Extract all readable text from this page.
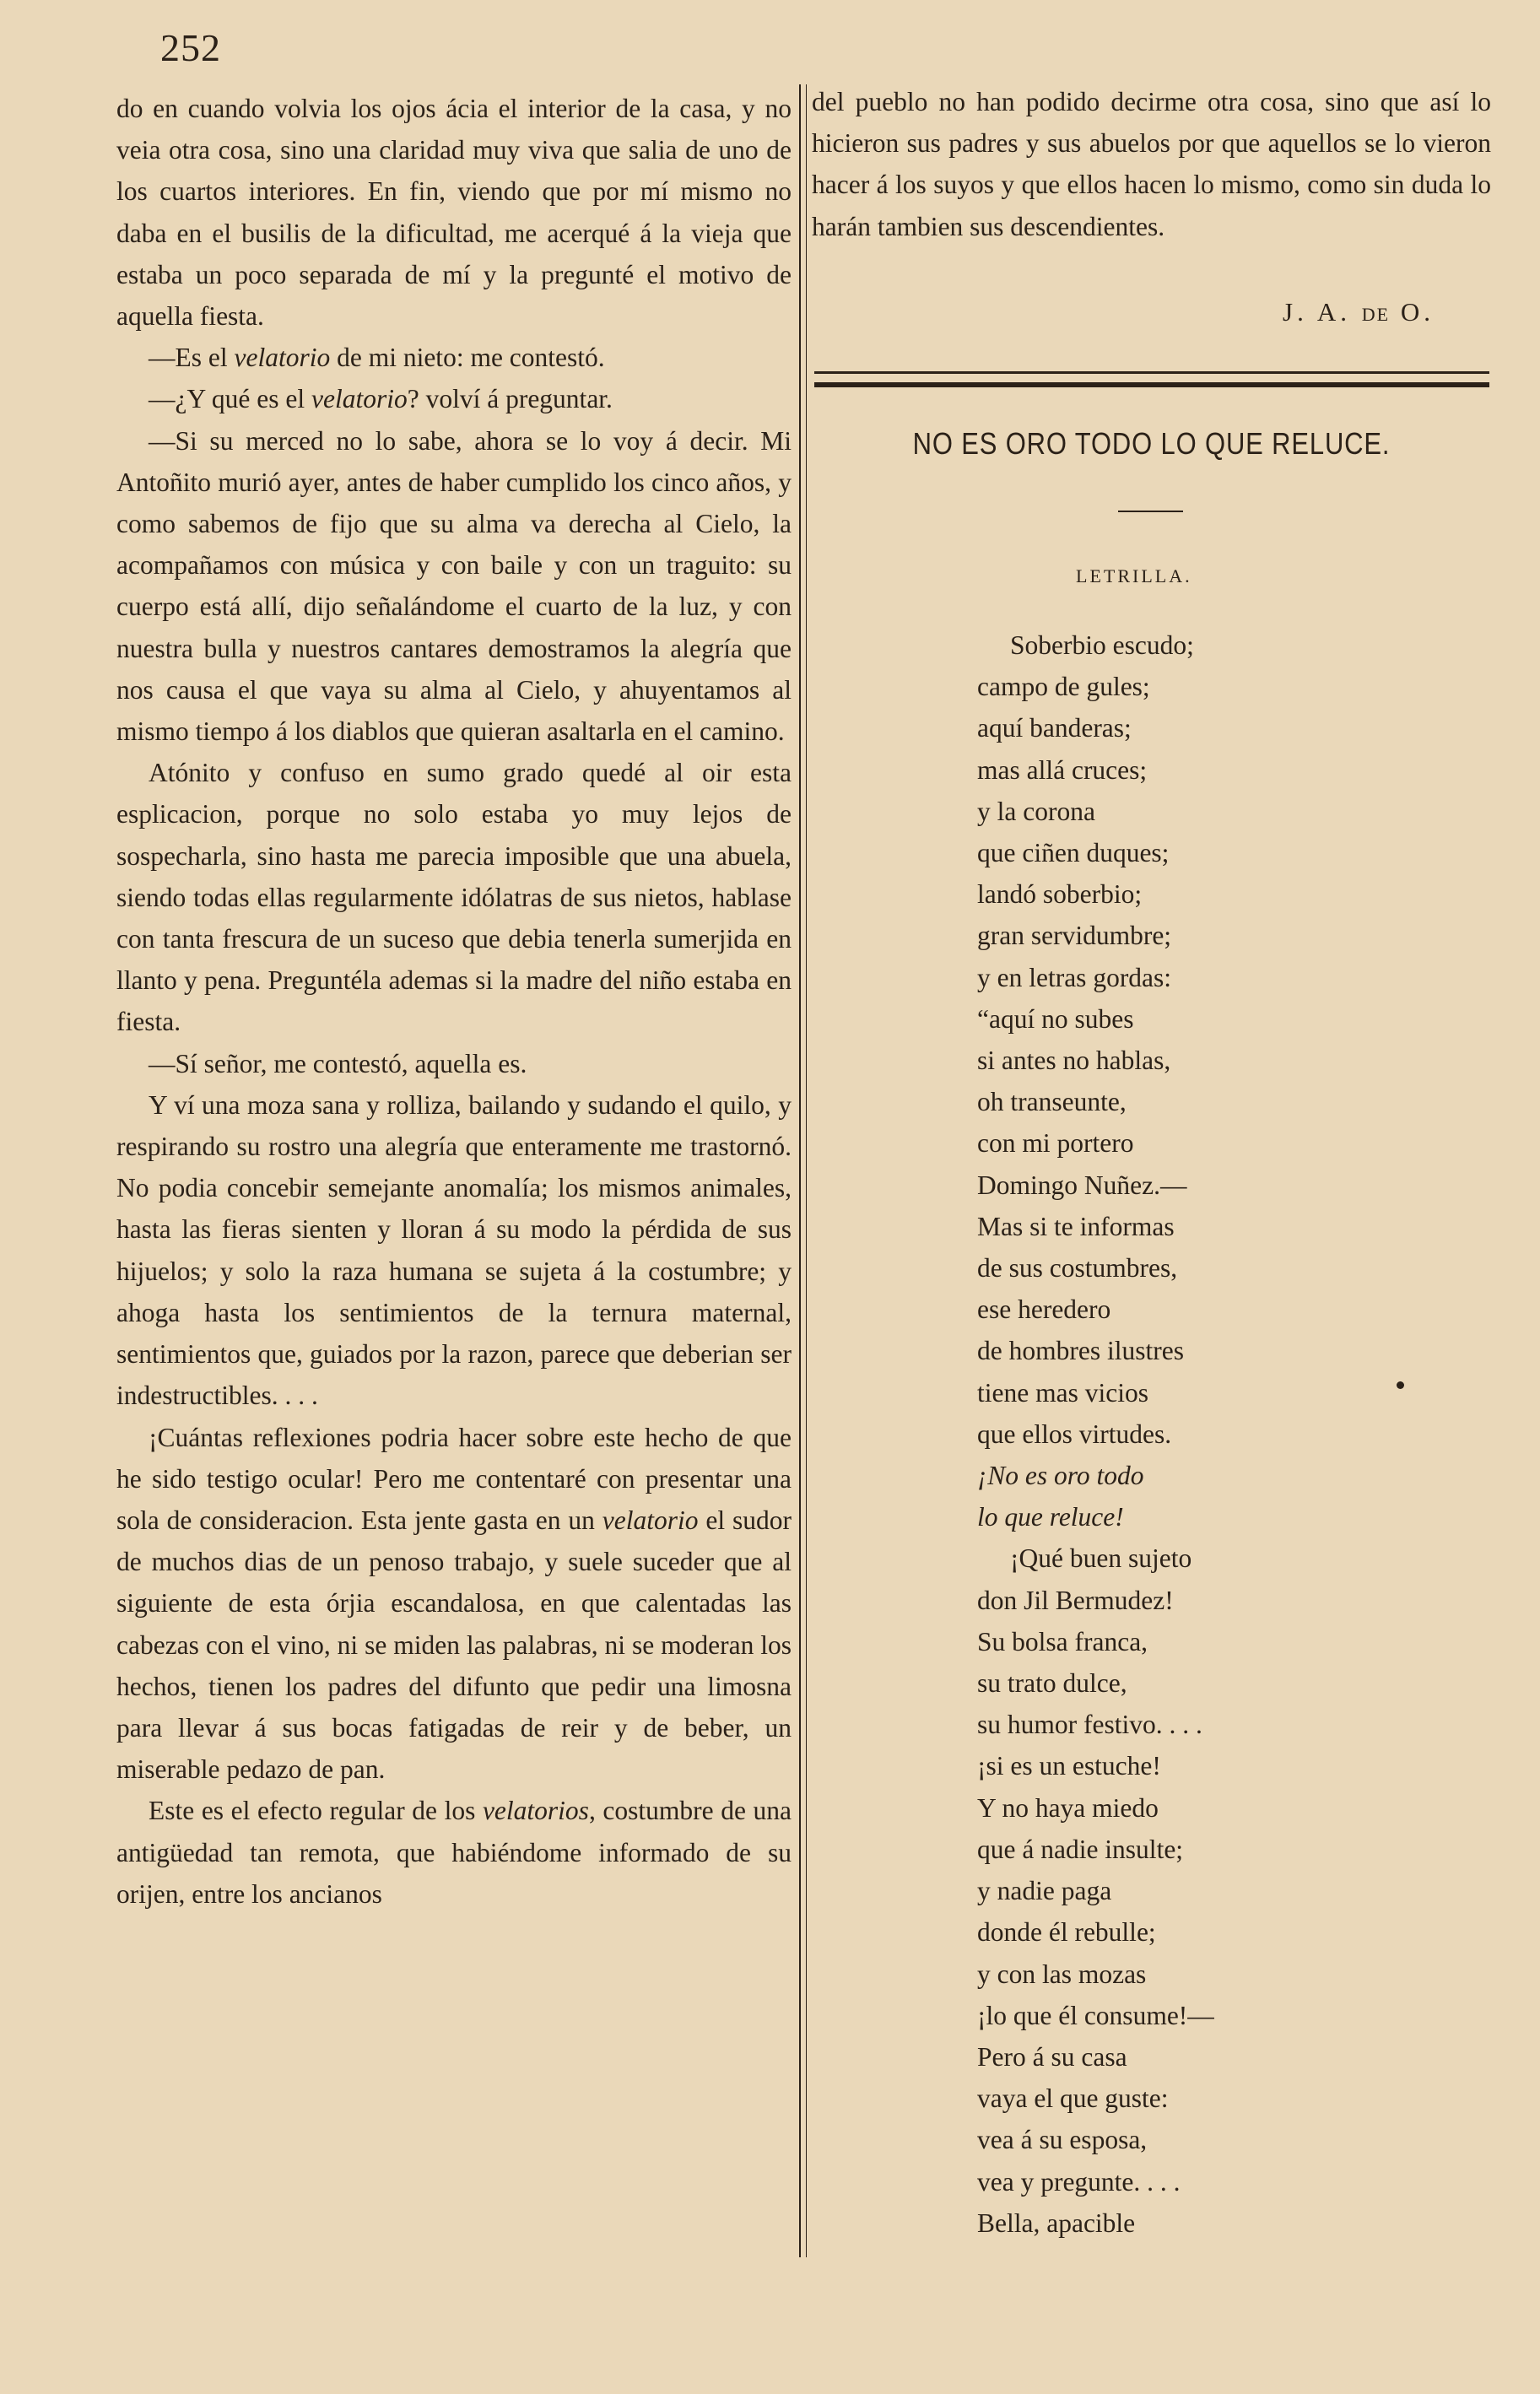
252

do en cuando volvia los ojos ácia el interior de la casa, y no veia otra cosa, sino una claridad muy viva que salia de uno de los cuartos interiores. En fin, viendo que por mí mismo no daba en el busilis de la dificultad, me acerqué á la vieja que estaba un poco separada de mí y la pregunté el motivo de aquella fiesta.

—Es el velatorio de mi nieto: me contestó.

—¿Y qué es el velatorio? volví á preguntar.

—Si su merced no lo sabe, ahora se lo voy á decir. Mi Antoñito murió ayer, antes de haber cumplido los cinco años, y como sabemos de fijo que su alma va derecha al Cielo, la acompañamos con música y con baile y con un traguito: su cuerpo está allí, dijo señalándome el cuarto de la luz, y con nuestra bulla y nuestros cantares demostramos la alegría que nos causa el que vaya su alma al Cielo, y ahuyentamos al mismo tiempo á los diablos que quieran asaltarla en el camino.

Atónito y confuso en sumo grado quedé al oir esta esplicacion, porque no solo estaba yo muy lejos de sospecharla, sino hasta me parecia imposible que una abuela, siendo todas ellas regularmente idólatras de sus nietos, hablase con tanta frescura de un suceso que debia tenerla sumerjida en llanto y pena. Preguntéla ademas si la madre del niño estaba en fiesta.

—Sí señor, me contestó, aquella es.

Y ví una moza sana y rolliza, bailando y sudando el quilo, y respirando su rostro una alegría que enteramente me trastornó. No podia concebir semejante anomalía; los mismos animales, hasta las fieras sienten y lloran á su modo la pérdida de sus hijuelos; y solo la raza humana se sujeta á la costumbre; y ahoga hasta los sentimientos de la ternura maternal, sentimientos que, guiados por la razon, parece que deberian ser indestructibles. . . .

¡Cuántas reflexiones podria hacer sobre este hecho de que he sido testigo ocular! Pero me contentaré con presentar una sola de consideracion. Esta jente gasta en un velatorio el sudor de muchos dias de un penoso trabajo, y suele suceder que al siguiente de esta órjia escandalosa, en que calentadas las cabezas con el vino, ni se miden las palabras, ni se moderan los hechos, tienen los padres del difunto que pedir una limosna para llevar á sus bocas fatigadas de reir y de beber, un miserable pedazo de pan.

Este es el efecto regular de los velatorios, costumbre de una antigüedad tan remota, que habiéndome informado de su orijen, entre los ancianos

del pueblo no han podido decirme otra cosa, sino que así lo hicieron sus padres y sus abuelos por que aquellos se lo vieron hacer á los suyos y que ellos hacen lo mismo, como sin duda lo harán tambien sus descendientes.

J. A. DE O.
NO ES ORO TODO LO QUE RELUCE.
LETRILLA.
Soberbio escudo;
campo de gules;
aquí banderas;
mas allá cruces;
y la corona
que ciñen duques;
landó soberbio;
gran servidumbre;
y en letras gordas:
“aquí no subes
si antes no hablas,
oh transeunte,
con mi portero
Domingo Nuñez.—
Mas si te informas
de sus costumbres,
ese heredero
de hombres ilustres
tiene mas vicios
que ellos virtudes.
¡No es oro todo
lo que reluce!
¡Qué buen sujeto
don Jil Bermudez!
Su bolsa franca,
su trato dulce,
su humor festivo. . . .
¡si es un estuche!
Y no haya miedo
que á nadie insulte;
y nadie paga
donde él rebulle;
y con las mozas
¡lo que él consume!—
Pero á su casa
vaya el que guste:
vea á su esposa,
vea y pregunte. . . .
Bella, apacible
